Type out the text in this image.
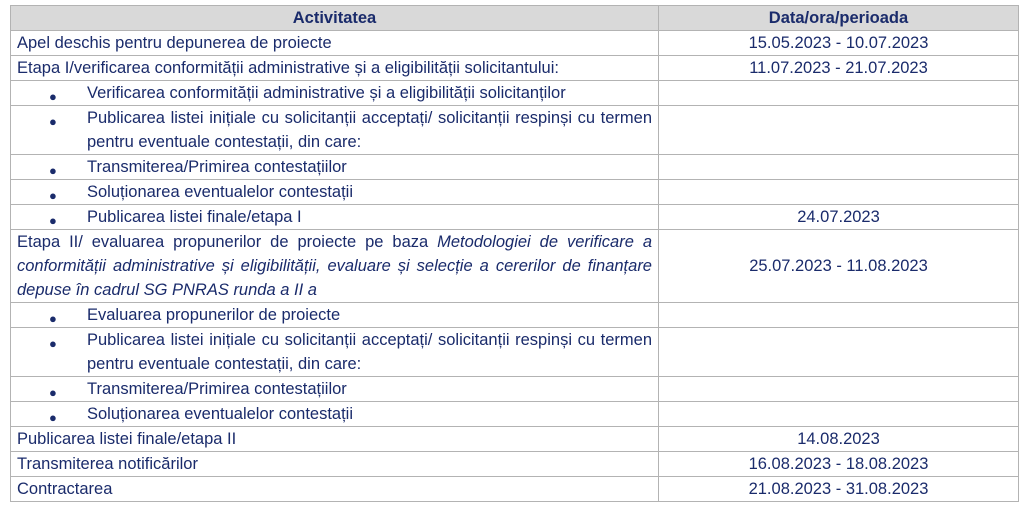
Activitatea	Data/ora/perioada
Apel deschis pentru depunerea de proiecte	15.05.2023 - 10.07.2023
Etapa I/verificarea conformității administrative și a eligibilității solicitantului:	11.07.2023 - 21.07.2023

● Verificarea conformității administrative și a eligibilității solicitanților	

● Publicarea listei inițiale cu solicitanții acceptați/ solicitanții respinși cu termen pentru eventuale contestații, din care:	

● Transmiterea/Primirea contestațiilor	

● Soluționarea eventualelor contestații	

● Publicarea listei finale/etapa I	24.07.2023
Etapa II/ evaluarea propunerilor de proiecte pe baza Metodologiei de verificare a conformității administrative și eligibilității, evaluare și selecție a cererilor de finanțare depuse în cadrul SG PNRAS runda a II a	25.07.2023 - 11.08.2023

● Evaluarea propunerilor de proiecte	

● Publicarea listei inițiale cu solicitanții acceptați/ solicitanții respinși cu termen pentru eventuale contestații, din care:	

● Transmiterea/Primirea contestațiilor	

● Soluționarea eventualelor contestații	

Publicarea listei finale/etapa II	14.08.2023
Transmiterea notificărilor	16.08.2023 - 18.08.2023
Contractarea	21.08.2023 - 31.08.2023
